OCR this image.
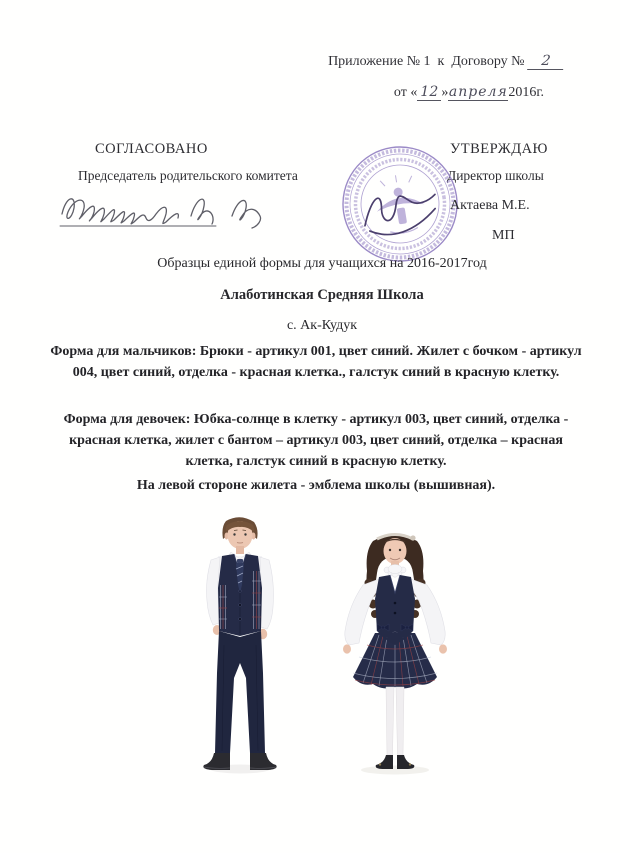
Приложение № 1  к  Договору № 2
от « 12 »апреля2016г.
СОГЛАСОВАНО	УТВЕРЖДАЮ
Председатель родительского комитета	Директор школы
Актаева М.Е.
МП
Образцы единой формы для учащихся на 2016-2017год
Алаботинская Средняя Школа
с. Ак-Кудук

Форма для мальчиков: Брюки - артикул 001, цвет синий. Жилет с бочком - артикул 004, цвет синий, отделка - красная клетка., галстук синий в красную клетку.

Форма для девочек: Юбка-солнце в клетку - артикул 003, цвет синий, отделка - красная клетка, жилет с бантом – артикул 003, цвет синий, отделка – красная клетка, галстук синий в красную клетку.

На левой стороне жилета - эмблема школы (вышивная).
